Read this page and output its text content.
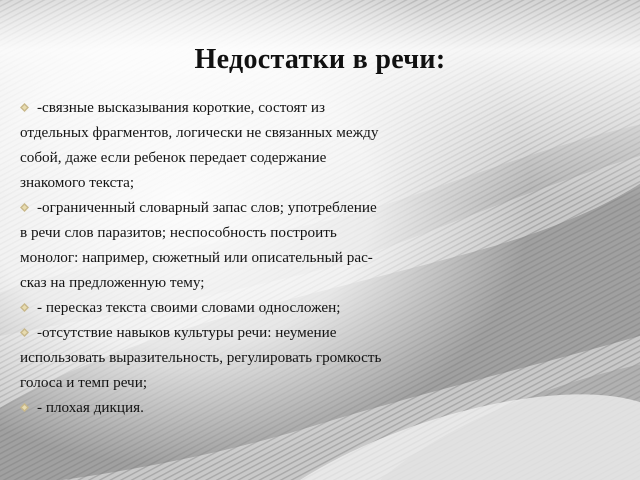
Недостатки в речи:
-связные высказывания короткие, состоят из
отдельных фрагментов, логически не связанных между
собой, даже если ребенок передает содержание
знакомого текста;
-ограниченный словарный запас слов; употребление
в речи слов паразитов; неспособность построить
монолог: например, сюжетный или описательный рас-
сказ на предложенную тему;
- пересказ текста своими словами односложен;
-отсутствие навыков культуры речи: неумение
использовать выразительность, регулировать громкость
голоса и темп речи;
- плохая дикция.
